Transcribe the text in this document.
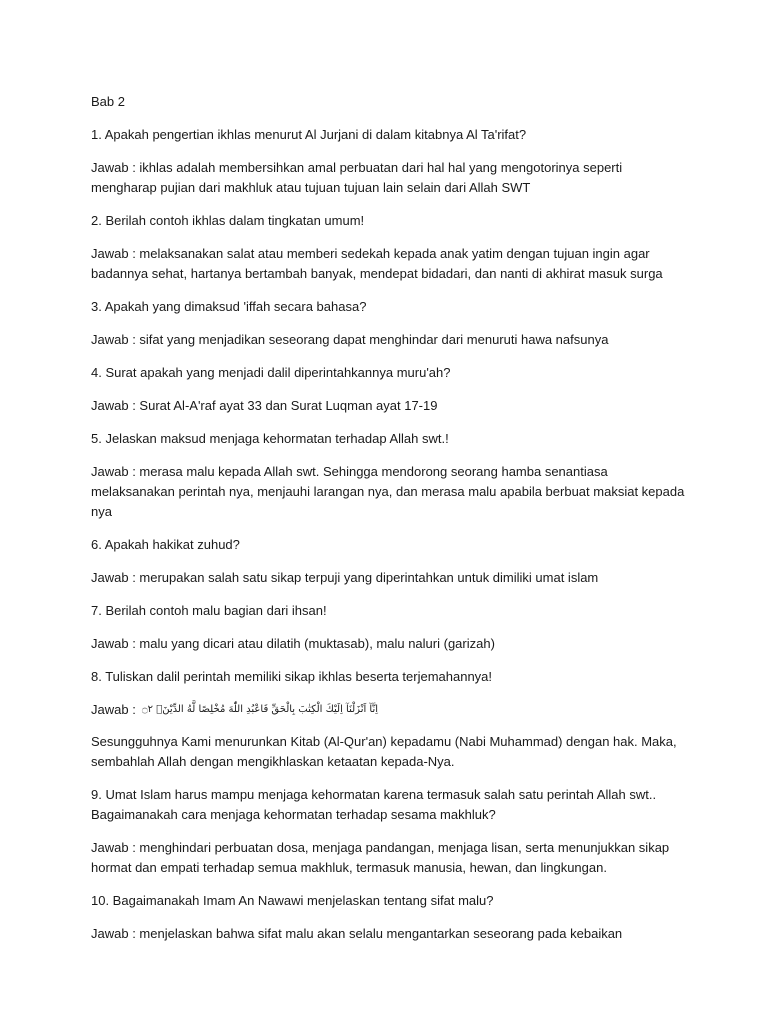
Bab 2

1. Apakah pengertian ikhlas menurut Al Jurjani di dalam kitabnya Al Ta'rifat?

Jawab : ikhlas adalah membersihkan amal perbuatan dari hal hal yang mengotorinya seperti mengharap pujian dari makhluk atau tujuan tujuan lain selain dari Allah SWT

2. Berilah contoh ikhlas dalam tingkatan umum!

Jawab : melaksanakan salat atau memberi sedekah kepada anak yatim dengan tujuan ingin agar badannya sehat, hartanya bertambah banyak, mendepat bidadari, dan nanti di akhirat masuk surga

3. Apakah yang dimaksud 'iffah secara bahasa?

Jawab : sifat yang menjadikan seseorang dapat menghindar dari menuruti hawa nafsunya

4. Surat apakah yang menjadi dalil diperintahkannya muru'ah?

Jawab : Surat Al-A'raf ayat 33 dan Surat Luqman ayat 17-19

5. Jelaskan maksud menjaga kehormatan terhadap Allah swt.!

Jawab : merasa malu kepada Allah swt. Sehingga mendorong seorang hamba senantiasa melaksanakan perintah nya, menjauhi larangan nya, dan merasa malu apabila berbuat maksiat kepada nya

6. Apakah hakikat zuhud?

Jawab : merupakan salah satu sikap terpuji yang diperintahkan untuk dimiliki umat islam

7. Berilah contoh malu bagian dari ihsan!

Jawab : malu yang dicari atau dilatih (muktasab), malu naluri (garizah)

8. Tuliskan dalil perintah memiliki sikap ikhlas beserta terjemahannya!

Jawab : اِنَّآ اَنْزَلْنَآ اِلَيْكَ الْكِتٰبَ بِالْحَقِّ فَاعْبُدِ اللّٰهَ مُخْلِصًا لَّهُ الدِّيْنَۗ ۝٢

Sesungguhnya Kami menurunkan Kitab (Al-Qur'an) kepadamu (Nabi Muhammad) dengan hak. Maka, sembahlah Allah dengan mengikhlaskan ketaatan kepada-Nya.

9. Umat Islam harus mampu menjaga kehormatan karena termasuk salah satu perintah Allah swt.. Bagaimanakah cara menjaga kehormatan terhadap sesama makhluk?

Jawab : menghindari perbuatan dosa, menjaga pandangan, menjaga lisan, serta menunjukkan sikap hormat dan empati terhadap semua makhluk, termasuk manusia, hewan, dan lingkungan.

10. Bagaimanakah Imam An Nawawi menjelaskan tentang sifat malu?

Jawab : menjelaskan bahwa sifat malu akan selalu mengantarkan seseorang pada kebaikan
